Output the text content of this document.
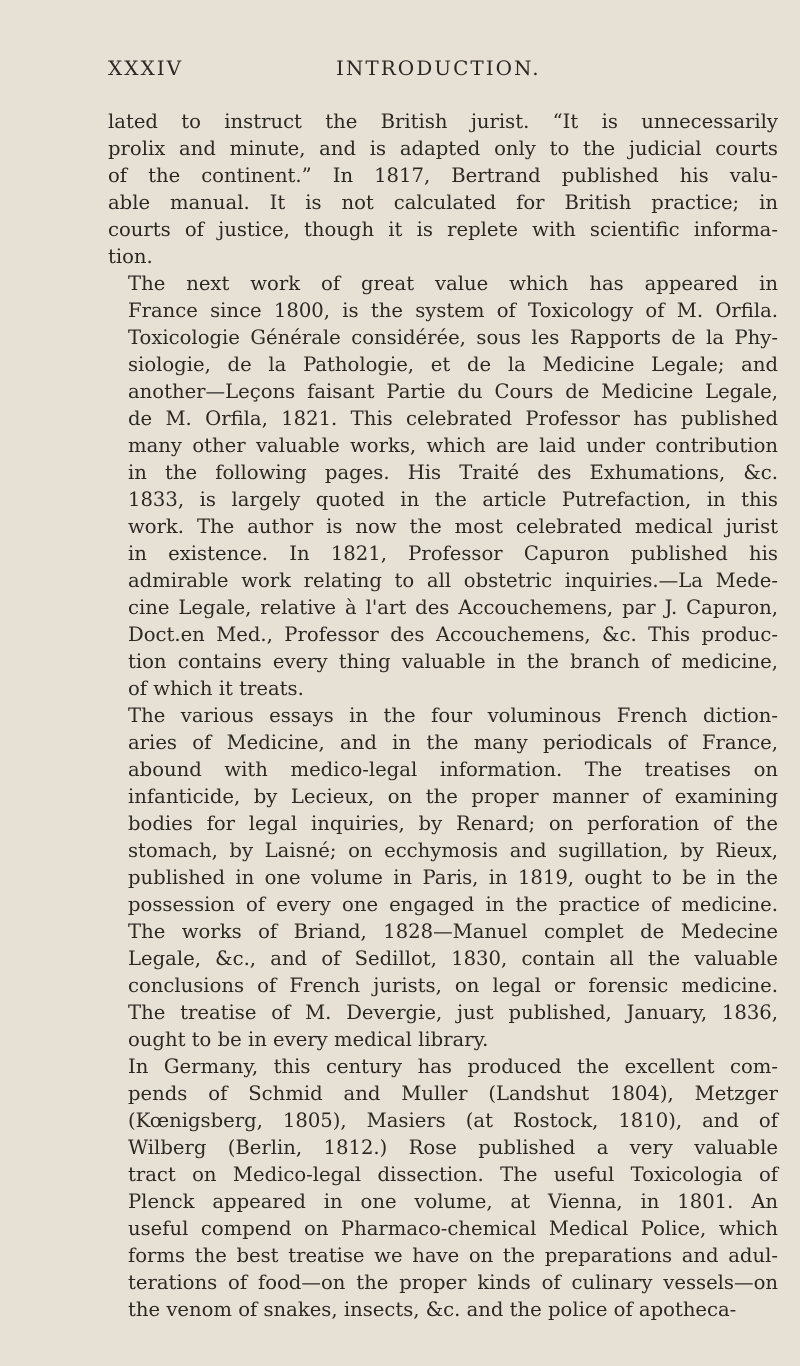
XXXIV	INTRODUCTION.

lated to instruct the British jurist. “It is unnecessarily
prolix and minute, and is adapted only to the judicial courts
of the continent.” In 1817, Bertrand published his valu-
able manual. It is not calculated for British practice; in
courts of justice, though it is replete with scientific informa-
tion.

The next work of great value which has appeared in
France since 1800, is the system of Toxicology of M. Orfila.
Toxicologie Générale considérée, sous les Rapports de la Phy-
siologie, de la Pathologie, et de la Medicine Legale; and
another—Leçons faisant Partie du Cours de Medicine Legale,
de M. Orfila, 1821. This celebrated Professor has published
many other valuable works, which are laid under contribution
in the following pages. His Traité des Exhumations, &c.
1833, is largely quoted in the article Putrefaction, in this
work. The author is now the most celebrated medical jurist
in existence. In 1821, Professor Capuron published his
admirable work relating to all obstetric inquiries.—La Mede-
cine Legale, relative à l'art des Accouchemens, par J. Capuron,
Doct.en Med., Professor des Accouchemens, &c. This produc-
tion contains every thing valuable in the branch of medicine,
of which it treats.

The various essays in the four voluminous French diction-
aries of Medicine, and in the many periodicals of France,
abound with medico-legal information. The treatises on
infanticide, by Lecieux, on the proper manner of examining
bodies for legal inquiries, by Renard; on perforation of the
stomach, by Laisné; on ecchymosis and sugillation, by Rieux,
published in one volume in Paris, in 1819, ought to be in the
possession of every one engaged in the practice of medicine.
The works of Briand, 1828—Manuel complet de Medecine
Legale, &c., and of Sedillot, 1830, contain all the valuable
conclusions of French jurists, on legal or forensic medicine.
The treatise of M. Devergie, just published, January, 1836,
ought to be in every medical library.

In Germany, this century has produced the excellent com-
pends of Schmid and Muller (Landshut 1804), Metzger
(Kœnigsberg, 1805), Masiers (at Rostock, 1810), and of
Wilberg (Berlin, 1812.) Rose published a very valuable
tract on Medico-legal dissection. The useful Toxicologia of
Plenck appeared in one volume, at Vienna, in 1801. An
useful compend on Pharmaco-chemical Medical Police, which
forms the best treatise we have on the preparations and adul-
terations of food—on the proper kinds of culinary vessels—on
the venom of snakes, insects, &c. and the police of apotheca-
